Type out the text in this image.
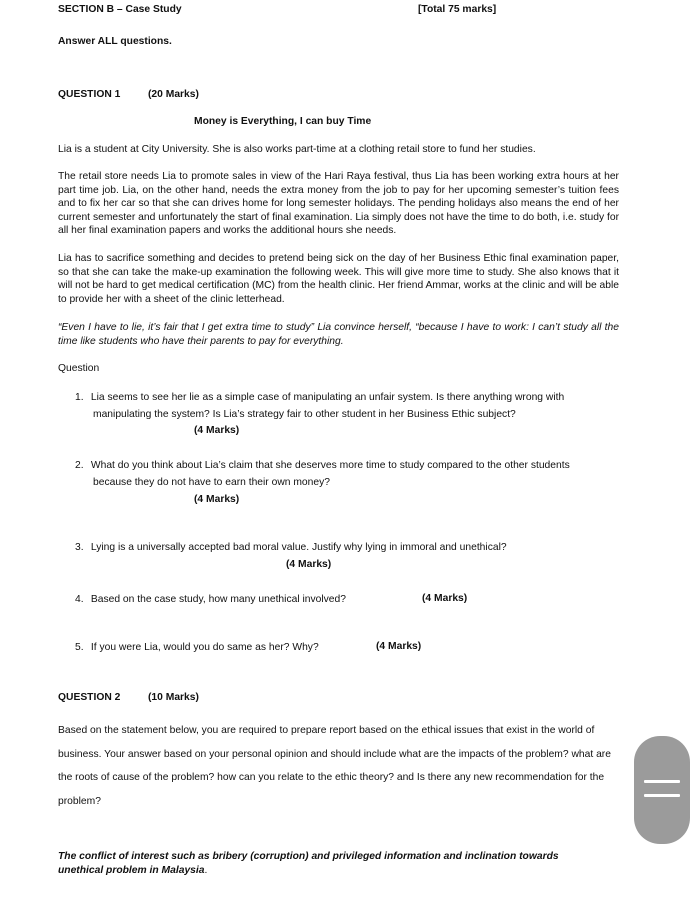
SECTION B – Case Study	[Total 75 marks]
Answer ALL questions.
QUESTION 1	(20 Marks)
Money is Everything, I can buy Time

Lia is a student at City University. She is also works part-time at a clothing retail store to fund her studies.

The retail store needs Lia to promote sales in view of the Hari Raya festival, thus Lia has been working extra hours at her part time job. Lia, on the other hand, needs the extra money from the job to pay for her upcoming semester’s tuition fees and to fix her car so that she can drives home for long semester holidays. The pending holidays also means the end of her current semester and unfortunately the start of final examination. Lia simply does not have the time to do both, i.e. study for all her final examination papers and works the additional hours she needs.

Lia has to sacrifice something and decides to pretend being sick on the day of her Business Ethic final examination paper, so that she can take the make-up examination the following week. This will give more time to study. She also knows that it will not be hard to get medical certification (MC) from the health clinic. Her friend Ammar, works at the clinic and will be able to provide her with a sheet of the clinic letterhead.

“Even I have to lie, it’s fair that I get extra time to study” Lia convince herself, “because I have to work: I can’t study all the time like students who have their parents to pay for everything.

Question
1. Lia seems to see her lie as a simple case of manipulating an unfair system. Is there anything wrong with
manipulating the system? Is Lia’s strategy fair to other student in her Business Ethic subject?
(4 Marks)
2. What do you think about Lia’s claim that she deserves more time to study compared to the other students
because they do not have to earn their own money?
(4 Marks)
3. Lying is a universally accepted bad moral value. Justify why lying in immoral and unethical?
(4 Marks)
4. Based on the case study, how many unethical involved?	(4 Marks)
5. If you were Lia, would you do same as her? Why?	(4 Marks)
QUESTION 2	(10 Marks)

Based on the statement below, you are required to prepare report based on the ethical issues that exist in the world of business. Your answer based on your personal opinion and should include what are the impacts of the problem? what are the roots of cause of the problem? how can you relate to the ethic theory? and Is there any new recommendation for the problem?

The conflict of interest such as bribery (corruption) and privileged information and inclination towards unethical problem in Malaysia.
